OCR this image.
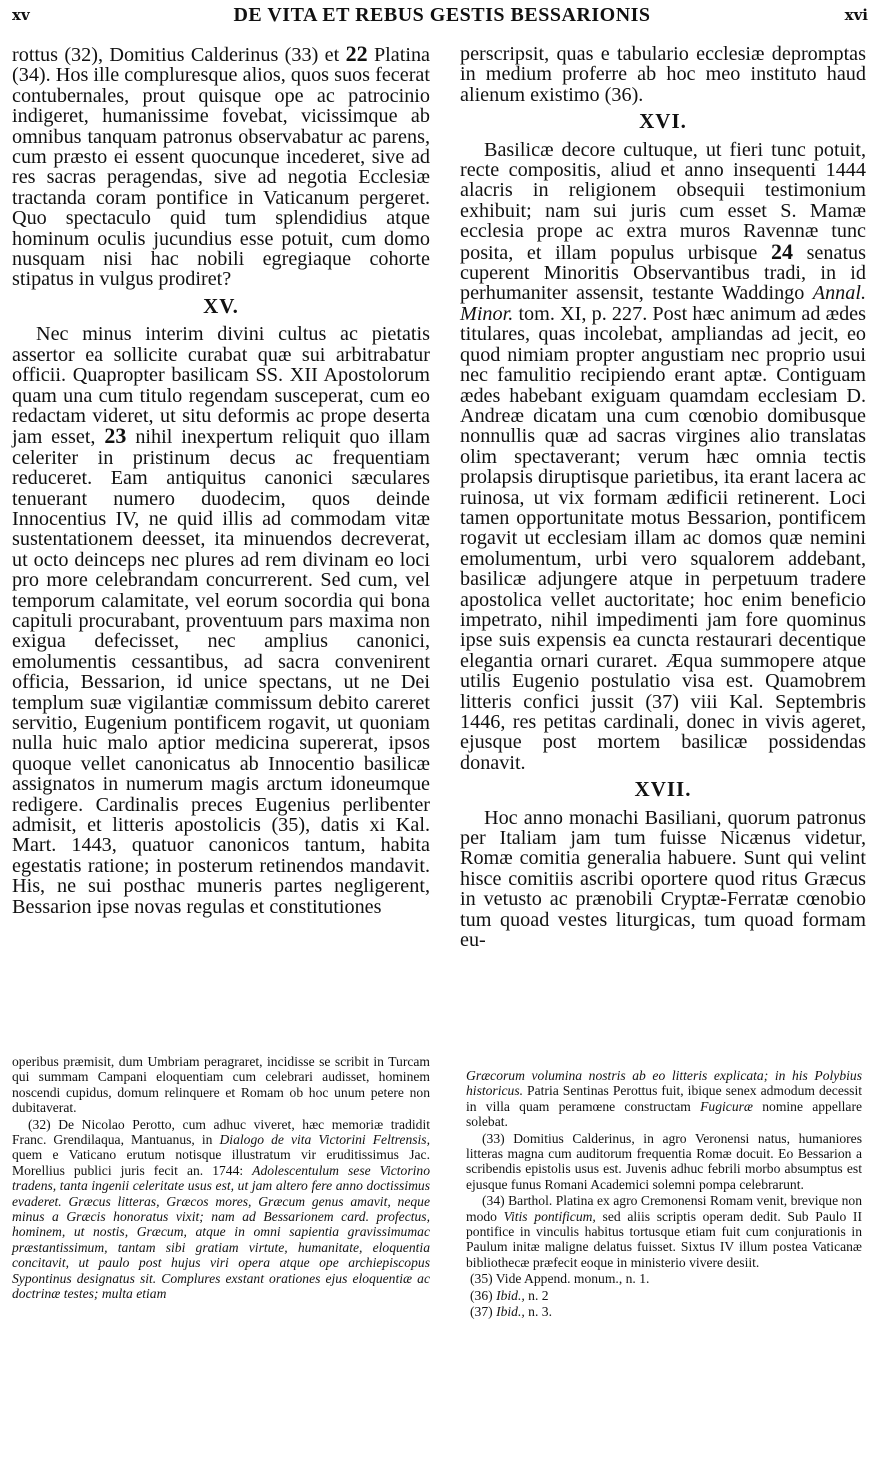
xv	DE VITA ET REBUS GESTIS BESSARIONIS	xvi

rottus (32), Domitius Calderinus (33) et 22 Platina (34). Hos ille compluresque alios, quos suos fecerat contubernales, prout quisque ope ac patrocinio indigeret, humanissime fovebat, vicissimque ab omnibus tanquam patronus observabatur ac parens, cum præsto ei essent quocunque incederet, sive ad res sacras peragendas, sive ad negotia Ecclesiæ tractanda coram pontifice in Vaticanum pergeret. Quo spectaculo quid tum splendidius atque hominum oculis jucundius esse potuit, cum domo nusquam nisi hac nobili egregiaque cohorte stipatus in vulgus prodiret?

XV.

Nec minus interim divini cultus ac pietatis assertor ea sollicite curabat quæ sui arbitrabatur officii. Quapropter basilicam SS. XII Apostolorum quam una cum titulo regendam susceperat, cum eo redactam videret, ut situ deformis ac prope deserta jam esset, 23 nihil inexpertum reliquit quo illam celeriter in pristinum decus ac frequentiam reduceret. Eam antiquitus canonici sæculares tenuerant numero duodecim, quos deinde Innocentius IV, ne quid illis ad commodam vitæ sustentationem deesset, ita minuendos decreverat, ut octo deinceps nec plures ad rem divinam eo loci pro more celebrandam concurrerent. Sed cum, vel temporum calamitate, vel eorum socordia qui bona capituli procurabant, proventuum pars maxima non exigua defecisset, nec amplius canonici, emolumentis cessantibus, ad sacra convenirent officia, Bessarion, id unice spectans, ut ne Dei templum suæ vigilantiæ commissum debito careret servitio, Eugenium pontificem rogavit, ut quoniam nulla huic malo aptior medicina supererat, ipsos quoque vellet canonicatus ab Innocentio basilicæ assignatos in numerum magis arctum idoneumque redigere. Cardinalis preces Eugenius perlibenter admisit, et litteris apostolicis (35), datis xi Kal. Mart. 1443, quatuor canonicos tantum, habita egestatis ratione; in posterum retinendos mandavit. His, ne sui posthac muneris partes negligerent, Bessarion ipse novas regulas et constitutiones

perscripsit, quas e tabulario ecclesiæ depromptas in medium proferre ab hoc meo instituto haud alienum existimo (36).

XVI.

Basilicæ decore cultuque, ut fieri tunc potuit, recte compositis, aliud et anno insequenti 1444 alacris in religionem obsequii testimonium exhibuit; nam sui juris cum esset S. Mamæ ecclesia prope ac extra muros Ravennæ tunc posita, et illam populus urbisque 24 senatus cuperent Minoritis Observantibus tradi, in id perhumaniter assensit, testante Waddingo Annal. Minor. tom. XI, p. 227. Post hæc animum ad ædes titulares, quas incolebat, ampliandas ad jecit, eo quod nimiam propter angustiam nec proprio usui nec famulitio recipiendo erant aptæ. Contiguam ædes habebant exiguam quamdam ecclesiam D. Andreæ dicatam una cum cœnobio domibusque nonnullis quæ ad sacras virgines alio translatas olim spectaverant; verum hæc omnia tectis prolapsis diruptisque parietibus, ita erant lacera ac ruinosa, ut vix formam ædificii retinerent. Loci tamen opportunitate motus Bessarion, pontificem rogavit ut ecclesiam illam ac domos quæ nemini emolumentum, urbi vero squalorem addebant, basilicæ adjungere atque in perpetuum tradere apostolica vellet auctoritate; hoc enim beneficio impetrato, nihil impedimenti jam fore quominus ipse suis expensis ea cuncta restaurari decentique elegantia ornari curaret. Æqua summopere atque utilis Eugenio postulatio visa est. Quamobrem litteris confici jussit (37) viii Kal. Septembris 1446, res petitas cardinali, donec in vivis ageret, ejusque post mortem basilicæ possidendas donavit.

XVII.

Hoc anno monachi Basiliani, quorum patronus per Italiam jam tum fuisse Nicænus videtur, Romæ comitia generalia habuere. Sunt qui velint hisce comitiis ascribi oportere quod ritus Græcus in vetusto ac prænobili Cryptæ-Ferratæ cœnobio tum quoad vestes liturgicas, tum quoad formam eu-

operibus præmisit, dum Umbriam peragraret, incidisse se scribit in Turcam qui summam Campani eloquentiam cum celebrari audisset, hominem noscendi cupidus, domum relinquere et Romam ob hoc unum petere non dubitaverat.

(32) De Nicolao Perotto, cum adhuc viveret, hæc memoriæ tradidit Franc. Grendilaqua, Mantuanus, in Dialogo de vita Victorini Feltrensis, quem e Vaticano erutum notisque illustratum vir eruditissimus Jac. Morellius publici juris fecit an. 1744: Adolescentulum sese Victorino tradens, tanta ingenii celeritate usus est, ut jam altero fere anno doctissimus evaderet. Græcus litteras, Græcos mores, Græcum genus amavit, neque minus a Græcis honoratus vixit; nam ad Bessarionem card. profectus, hominem, ut nostis, Græcum, atque in omni sapientia gravissimumac præstantissimum, tantam sibi gratiam virtute, humanitate, eloquentia concitavit, ut paulo post hujus viri opera atque ope archiepiscopus Sypontinus designatus sit. Complures exstant orationes ejus eloquentiæ ac doctrinæ testes; multa etiam

Græcorum volumina nostris ab eo litteris explicata; in his Polybius historicus. Patria Sentinas Perottus fuit, ibique senex admodum decessit in villa quam peramœne constructam Fugicuræ nomine appellare solebat.

(33) Domitius Calderinus, in agro Veronensi natus, humaniores litteras magna cum auditorum frequentia Romæ docuit. Eo Bessarion a scribendis epistolis usus est. Juvenis adhuc febrili morbo absumptus est ejusque funus Romani Academici solemni pompa celebrarunt.

(34) Barthol. Platina ex agro Cremonensi Romam venit, brevique non modo Vitis pontificum, sed aliis scriptis operam dedit. Sub Paulo II pontifice in vinculis habitus tortusque etiam fuit cum conjurationis in Paulum initæ maligne delatus fuisset. Sixtus IV illum postea Vaticanæ bibliothecæ præfecit eoque in ministerio vivere desiit.

(35) Vide Append. monum., n. 1.

(36) Ibid., n. 2

(37) Ibid., n. 3.
